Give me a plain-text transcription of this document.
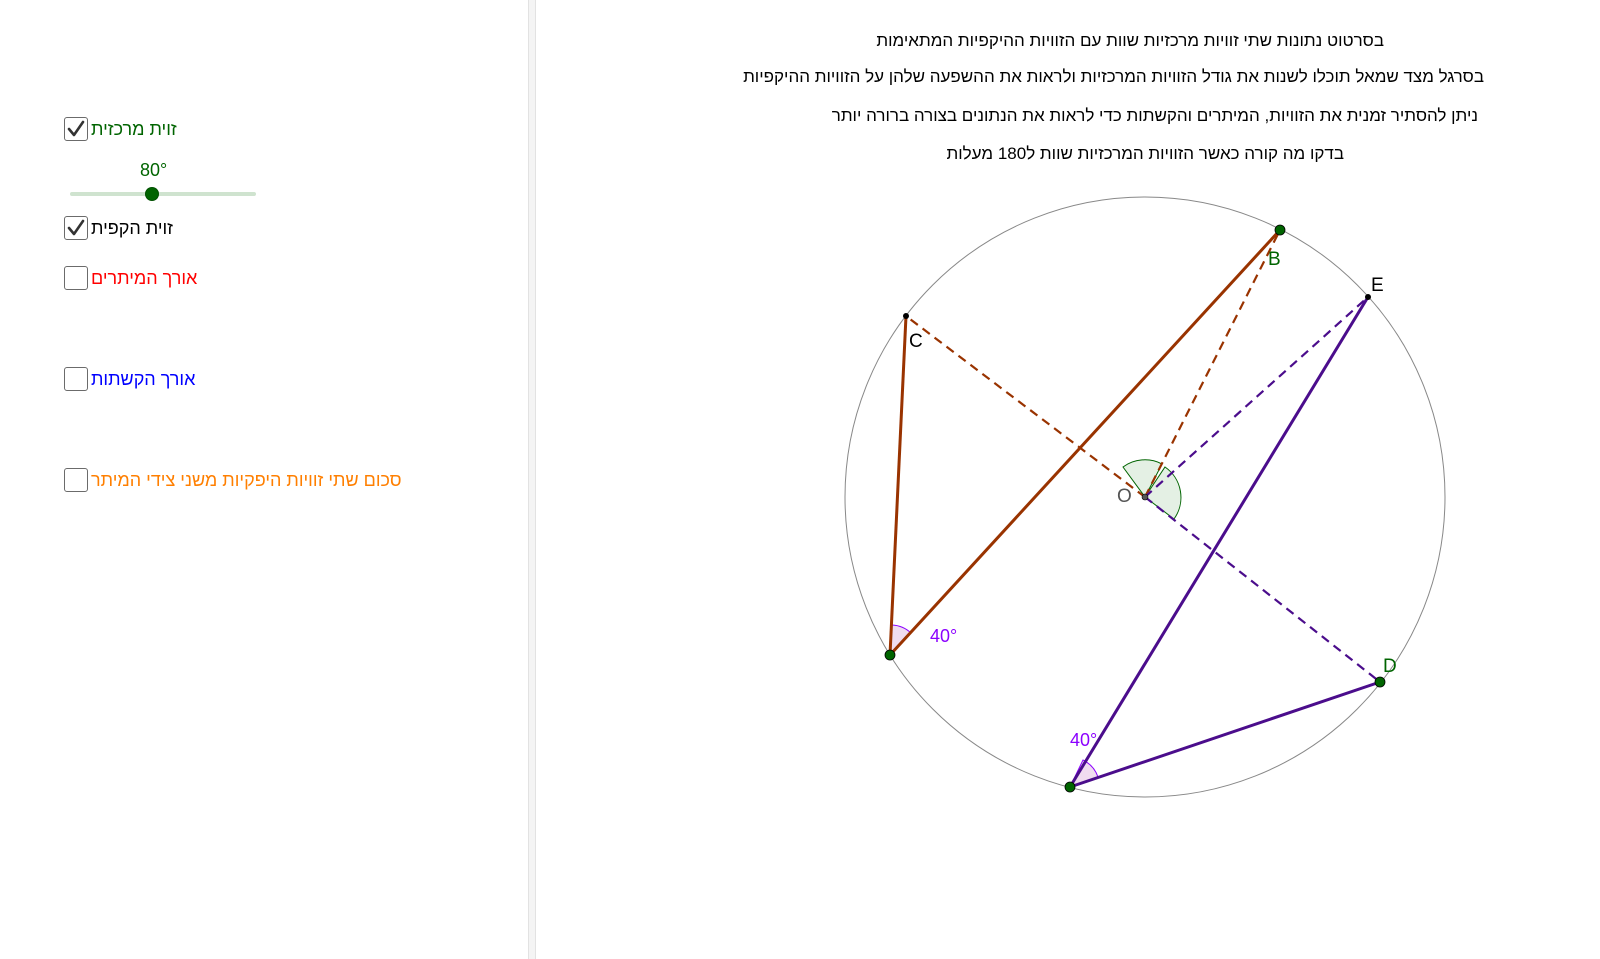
זוית מרכזית
80°
זוית הקפית
אורך המיתרים
אורך הקשתות
סכום שתי זוויות היפקיות משני צידי המיתר
בסרטוט נתונות שתי זוויות מרכזיות שוות עם הזוויות ההיקפיות המתאימות
בסרגל מצד שמאל תוכלו לשנות את גודל הזוויות המרכזיות ולראות את ההשפעה שלהן על הזוויות ההיקפיות
ניתן להסתיר זמנית את הזוויות, המיתרים והקשתות כדי לראות את הנתונים בצורה ברורה יותר
בדקו מה קורה כאשר הזוויות המרכזיות שוות ל180 מעלות
B
C
E
D
O
40°
40°
